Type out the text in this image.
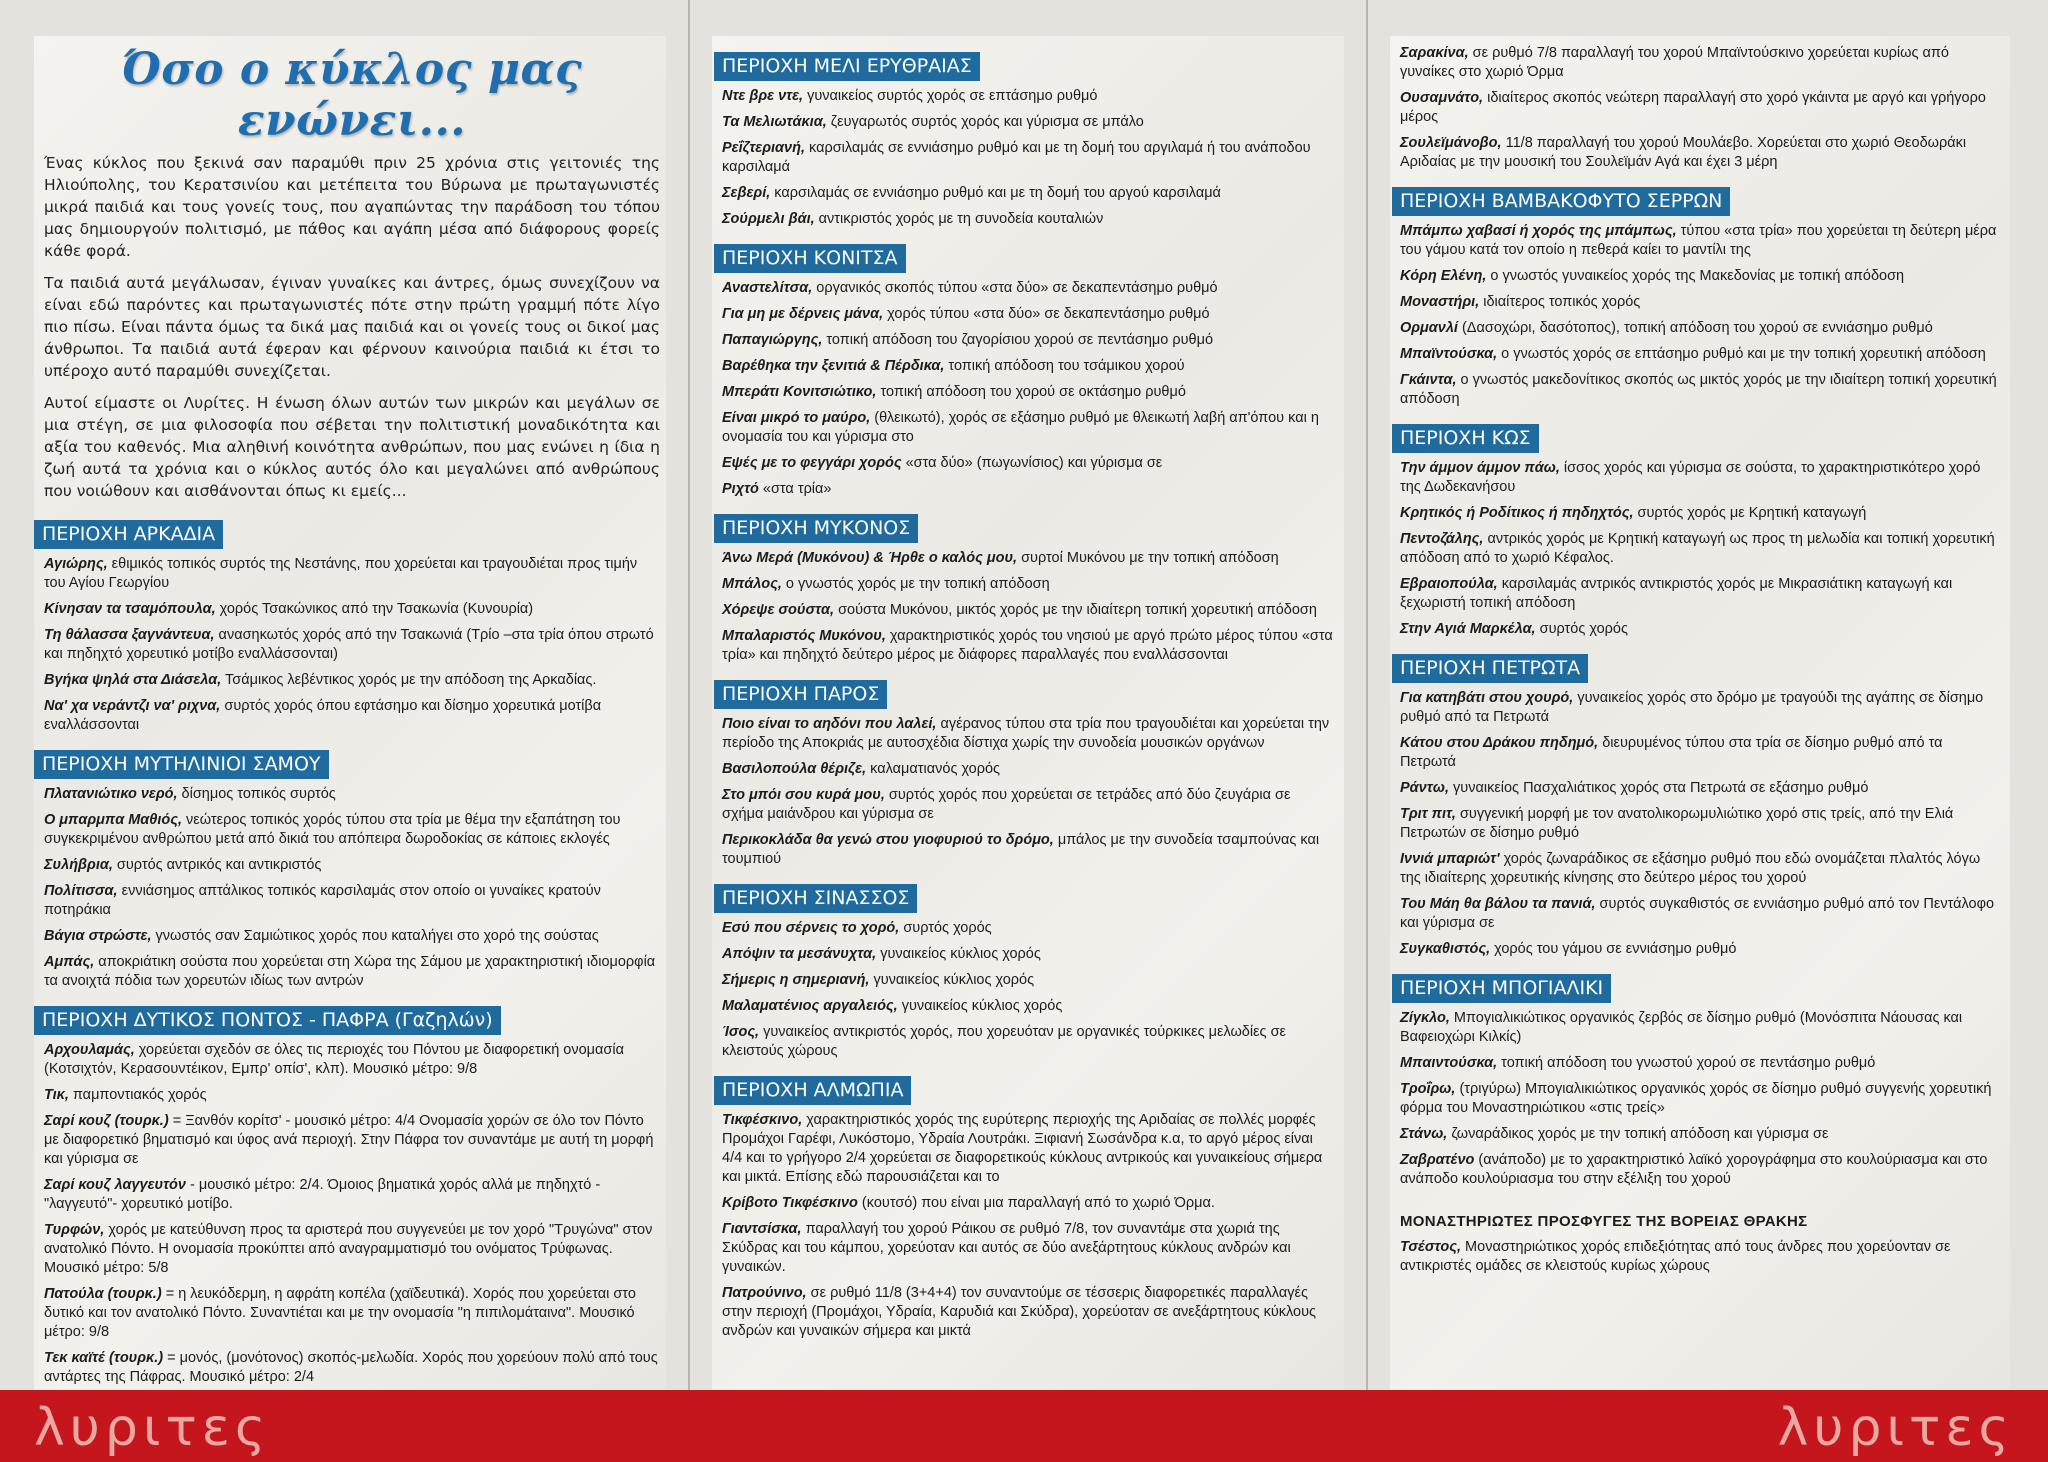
Όσο ο κύκλος μας ενώνει...

Ένας κύκλος που ξεκινά σαν παραμύθι πριν 25 χρόνια στις γειτονιές της Ηλιούπολης, του Κερατσινίου και μετέπειτα του Βύρωνα με πρωταγωνιστές μικρά παιδιά και τους γονείς τους, που αγαπώντας την παράδοση του τόπου μας δημιουργούν πολιτισμό, με πάθος και αγάπη μέσα από διάφορους φορείς κάθε φορά.

Τα παιδιά αυτά μεγάλωσαν, έγιναν γυναίκες και άντρες, όμως συνεχίζουν να είναι εδώ παρόντες και πρωταγωνιστές πότε στην πρώτη γραμμή πότε λίγο πιο πίσω. Είναι πάντα όμως τα δικά μας παιδιά και οι γονείς τους οι δικοί μας άνθρωποι. Τα παιδιά αυτά έφεραν και φέρνουν καινούρια παιδιά κι έτσι το υπέροχο αυτό παραμύθι συνεχίζεται.

Αυτοί είμαστε οι Λυρίτες. Η ένωση όλων αυτών των μικρών και μεγάλων σε μια στέγη, σε μια φιλοσοφία που σέβεται την πολιτιστική μοναδικότητα και αξία του καθενός. Μια αληθινή κοινότητα ανθρώπων, που μας ενώνει η ίδια η ζωή αυτά τα χρόνια και ο κύκλος αυτός όλο και μεγαλώνει από ανθρώπους που νοιώθουν και αισθάνονται όπως κι εμείς...

ΠΕΡΙΟΧΗ ΑΡΚΑΔΙΑ
Αγιώρης, εθιμικός τοπικός συρτός της Νεστάνης, που χορεύεται και τραγουδιέται προς τιμήν του Αγίου Γεωργίου
Κίνησαν τα τσαμόπουλα, χορός Τσακώνικος από την Τσακωνία (Κυνουρία)
Τη θάλασσα ξαγνάντευα, ανασηκωτός χορός από την Τσακωνιά (Τρίο –στα τρία όπου στρωτό και πηδηχτό χορευτικό μοτίβο εναλλάσσονται)
Βγήκα ψηλά στα Διάσελα, Τσάμικος λεβέντικος χορός με την απόδοση της Αρκαδίας.
Να' χα νεράντζι να' ριχνα, συρτός χορός όπου εφτάσημο και δίσημο χορευτικά μοτίβα εναλλάσσονται
ΠΕΡΙΟΧΗ ΜΥΤΗΛΙΝΙΟΙ ΣΑΜΟΥ
Πλατανιώτικο νερό, δίσημος τοπικός συρτός
Ο μπαρμπα Μαθιός, νεώτερος τοπικός χορός τύπου στα τρία με θέμα την εξαπάτηση του συγκεκριμένου ανθρώπου μετά από δικιά του απόπειρα δωροδοκίας σε κάποιες εκλογές
Συλήβρια, συρτός αντρικός και αντικριστός
Πολίτισσα, εννιάσημος απτάλικος τοπικός καρσιλαμάς στον οποίο οι γυναίκες κρατούν ποτηράκια
Βάγια στρώστε, γνωστός σαν Σαμιώτικος χορός που καταλήγει στο χορό της σούστας
Αμπάς, αποκριάτικη σούστα που χορεύεται στη Χώρα της Σάμου με χαρακτηριστική ιδιομορφία τα ανοιχτά πόδια των χορευτών ιδίως των αντρών
ΠΕΡΙΟΧΗ ΔΥΤΙΚΟΣ ΠΟΝΤΟΣ - ΠΑΦΡΑ (Γαζηλών)
Αρχουλαμάς, χορεύεται σχεδόν σε όλες τις περιοχές του Πόντου με διαφορετική ονομασία (Κοτσιχτόν, Κερασουντέικον, Εμπρ' οπίσ', κλπ). Μουσικό μέτρο: 9/8
Τικ, παμποντιακός χορός
Σαρί κουζ (τουρκ.) = Ξανθόν κορίτσ' - μουσικό μέτρο: 4/4 Ονομασία χορών σε όλο τον Πόντο με διαφορετικό βηματισμό και ύφος ανά περιοχή. Στην Πάφρα τον συναντάμε με αυτή τη μορφή και γύρισμα σε
Σαρί κουζ λαγγευτόν - μουσικό μέτρο: 2/4. Όμοιος βηματικά χορός αλλά με πηδηχτό -"λαγγευτό"- χορευτικό μοτίβο.
Τυρφών, χορός με κατεύθυνση προς τα αριστερά που συγγενεύει με τον χορό "Τρυγώνα" στον ανατολικό Πόντο. Η ονομασία προκύπτει από αναγραμματισμό του ονόματος Τρύφωνας. Μουσικό μέτρο: 5/8
Πατούλα (τουρκ.) = η λευκόδερμη, η αφράτη κοπέλα (χαϊδευτικά). Χορός που χορεύεται στο δυτικό και τον ανατολικό Πόντο. Συναντιέται και με την ονομασία "η πιπιλομάταινα". Μουσικό μέτρο: 9/8
Τεκ καϊτέ (τουρκ.) = μονός, (μονότονος) σκοπός-μελωδία. Χορός που χορεύουν πολύ από τους αντάρτες της Πάφρας. Μουσικό μέτρο: 2/4
ΠΕΡΙΟΧΗ ΜΕΛΙ ΕΡΥΘΡΑΙΑΣ
Ντε βρε ντε, γυναικείος συρτός χορός σε επτάσημο ρυθμό
Τα Μελιωτάκια, ζευγαρωτός συρτός χορός και γύρισμα σε μπάλο
Ρεΐζτεριανή, καρσιλαμάς σε εννιάσημο ρυθμό και με τη δομή του αργιλαμά ή του ανάποδου καρσιλαμά
Σεβερί, καρσιλαμάς σε εννιάσημο ρυθμό και με τη δομή του αργού καρσιλαμά
Σούρμελι βάι, αντικριστός χορός με τη συνοδεία κουταλιών
ΠΕΡΙΟΧΗ ΚΟΝΙΤΣΑ
Αναστελίτσα, οργανικός σκοπός τύπου «στα δύο» σε δεκαπεντάσημο ρυθμό
Για μη με δέρνεις μάνα, χορός τύπου «στα δύο» σε δεκαπεντάσημο ρυθμό
Παπαγιώργης, τοπική απόδοση του ζαγορίσιου χορού σε πεντάσημο ρυθμό
Βαρέθηκα την ξενιτιά & Πέρδικα, τοπική απόδοση του τσάμικου χορού
Μπεράτι Κονιτσιώτικο, τοπική απόδοση του χορού σε οκτάσημο ρυθμό
Είναι μικρό το μαύρο, (θλεικωτό), χορός σε εξάσημο ρυθμό με θλεικωτή λαβή απ'όπου και η ονομασία του και γύρισμα στο
Εψές με το φεγγάρι χορός «στα δύο» (πωγωνίσιος) και γύρισμα σε
Ριχτό «στα τρία»
ΠΕΡΙΟΧΗ ΜΥΚΟΝΟΣ
Άνω Μερά (Μυκόνου) & Ήρθε ο καλός μου, συρτοί Μυκόνου με την τοπική απόδοση
Μπάλος, ο γνωστός χορός με την τοπική απόδοση
Χόρεψε σούστα, σούστα Μυκόνου, μικτός χορός με την ιδιαίτερη τοπική χορευτική απόδοση
Μπαλαριστός Μυκόνου, χαρακτηριστικός χορός του νησιού με αργό πρώτο μέρος τύπου «στα τρία» και πηδηχτό δεύτερο μέρος με διάφορες παραλλαγές που εναλλάσσονται
ΠΕΡΙΟΧΗ ΠΑΡΟΣ
Ποιο είναι το αηδόνι που λαλεί, αγέρανος τύπου στα τρία που τραγουδιέται και χορεύεται την περίοδο της Αποκριάς με αυτοσχέδια δίστιχα χωρίς την συνοδεία μουσικών οργάνων
Βασιλοπούλα θέριζε, καλαματιανός χορός
Στο μπόι σου κυρά μου, συρτός χορός που χορεύεται σε τετράδες από δύο ζευγάρια σε σχήμα μαιάνδρου και γύρισμα σε
Περικοκλάδα θα γενώ στου γιοφυριού το δρόμο, μπάλος με την συνοδεία τσαμπούνας και τουμπιού
ΠΕΡΙΟΧΗ ΣΙΝΑΣΣΟΣ
Εσύ που σέρνεις το χορό, συρτός χορός
Απόψιν τα μεσάνυχτα, γυναικείος κύκλιος χορός
Σήμερις η σημεριανή, γυναικείος κύκλιος χορός
Μαλαματένιος αργαλειός, γυναικείος κύκλιος χορός
Ίσος, γυναικείος αντικριστός χορός, που χορευόταν με οργανικές τούρκικες μελωδίες σε κλειστούς χώρους
ΠΕΡΙΟΧΗ ΑΛΜΩΠΙΑ
Τικφέσκινο, χαρακτηριστικός χορός της ευρύτερης περιοχής της Αριδαίας σε πολλές μορφές Προμάχοι Γαρέφι, Λυκόστομο, Υδραία Λουτράκι. Ξιφιανή Σωσάνδρα κ.α, το αργό μέρος είναι 4/4 και το γρήγορο 2/4 χορεύεται σε διαφορετικούς κύκλους αντρικούς και γυναικείους σήμερα και μικτά. Επίσης εδώ παρουσιάζεται και το
Κρίβοτο Τικφέσκινο (κουτσό) που είναι μια παραλλαγή από το χωριό Όρμα.
Γιαντσίσκα, παραλλαγή του χορού Ράικου σε ρυθμό 7/8, τον συναντάμε στα χωριά της Σκύδρας και του κάμπου, χορεύοταν και αυτός σε δύο ανεξάρτητους κύκλους ανδρών και γυναικών.
Πατρούνινο, σε ρυθμό 11/8 (3+4+4) τον συναντούμε σε τέσσερις διαφορετικές παραλλαγές στην περιοχή (Προμάχοι, Υδραία, Καρυδιά και Σκύδρα), χορεύοταν σε ανεξάρτητους κύκλους ανδρών και γυναικών σήμερα και μικτά
Σαρακίνα, σε ρυθμό 7/8 παραλλαγή του χορού Μπαϊντούσκινο χορεύεται κυρίως από γυναίκες στο χωριό Όρμα
Ουσαμνάτο, ιδιαίτερος σκοπός νεώτερη παραλλαγή στο χορό γκάιντα με αργό και γρήγορο μέρος
Σουλεϊμάνοβο, 11/8 παραλλαγή του χορού Μουλάεβο. Χορεύεται στο χωριό Θεοδωράκι Αριδαίας με την μουσική του Σουλεϊμάν Αγά και έχει 3 μέρη
ΠΕΡΙΟΧΗ ΒΑΜΒΑΚΟΦΥΤΟ ΣΕΡΡΩΝ
Μπάμπω χαβασί ή χορός της μπάμπως, τύπου «στα τρία» που χορεύεται τη δεύτερη μέρα του γάμου κατά τον οποίο η πεθερά καίει το μαντίλι της
Κόρη Ελένη, ο γνωστός γυναικείος χορός της Μακεδονίας με τοπική απόδοση
Μοναστήρι, ιδιαίτερος τοπικός χορός
Ορμανλί (Δασοχώρι, δασότοπος), τοπική απόδοση του χορού σε εννιάσημο ρυθμό
Μπαϊντούσκα, ο γνωστός χορός σε επτάσημο ρυθμό και με την τοπική χορευτική απόδοση
Γκάιντα, ο γνωστός μακεδονίτικος σκοπός ως μικτός χορός με την ιδιαίτερη τοπική χορευτική απόδοση
ΠΕΡΙΟΧΗ ΚΩΣ
Την άμμον άμμον πάω, ίσσος χορός και γύρισμα σε σούστα, το χαρακτηριστικότερο χορό της Δωδεκανήσου
Κρητικός ή Ροδίτικος ή πηδηχτός, συρτός χορός με Κρητική καταγωγή
Πεντοζάλης, αντρικός χορός με Κρητική καταγωγή ως προς τη μελωδία και τοπική χορευτική απόδοση από το χωριό Κέφαλος.
Εβραιοπούλα, καρσιλαμάς αντρικός αντικριστός χορός με Μικρασιάτικη καταγωγή και ξεχωριστή τοπική απόδοση
Στην Αγιά Μαρκέλα, συρτός χορός
ΠΕΡΙΟΧΗ ΠΕΤΡΩΤΑ
Για κατηβάτι στου χουρό, γυναικείος χορός στο δρόμο με τραγούδι της αγάπης σε δίσημο ρυθμό από τα Πετρωτά
Κάτου στου Δράκου πηδημό, διευρυμένος τύπου στα τρία σε δίσημο ρυθμό από τα Πετρωτά
Ράντω, γυναικείος Πασχαλιάτικος χορός στα Πετρωτά σε εξάσημο ρυθμό
Τριτ πιτ, συγγενική μορφή με τον ανατολικορωμυλιώτικο χορό στις τρείς, από την Ελιά Πετρωτών σε δίσημο ρυθμό
Ιννιά μπαριώτ' χορός ζωναράδικος σε εξάσημο ρυθμό που εδώ ονομάζεται πλαλτός λόγω της ιδιαίτερης χορευτικής κίνησης στο δεύτερο μέρος του χορού
Του Μάη θα βάλου τα πανιά, συρτός συγκαθιστός σε εννιάσημο ρυθμό από τον Πεντάλοφο και γύρισμα σε
Συγκαθιστός, χορός του γάμου σε εννιάσημο ρυθμό
ΠΕΡΙΟΧΗ ΜΠΟΓΙΑΛΙΚΙ
Ζίγκλο, Μπογιαλικιώτικος οργανικός ζερβός σε δίσημο ρυθμό (Μονόσπιτα Νάουσας και Βαφειοχώρι Κιλκίς)
Μπαιντούσκα, τοπική απόδοση του γνωστού χορού σε πεντάσημο ρυθμό
Τροΐρω, (τριγύρω) Μπογιαλικιώτικος οργανικός χορός σε δίσημο ρυθμό συγγενής χορευτική φόρμα του Μοναστηριώτικου «στις τρείς»
Στάνω, ζωναράδικος χορός με την τοπική απόδοση και γύρισμα σε
Ζαβρατένο (ανάποδο) με το χαρακτηριστικό λαϊκό χορογράφημα στο κουλούριασμα και στο ανάποδο κουλούριασμα του στην εξέλιξη του χορού
ΜΟΝΑΣΤΗΡΙΩΤΕΣ ΠΡΟΣΦΥΓΕΣ ΤΗΣ ΒΟΡΕΙΑΣ ΘΡΑΚΗΣ
Τσέστος, Μοναστηριώτικος χορός επιδεξιότητας από τους άνδρες που χορεύονταν σε αντικριστές ομάδες σε κλειστούς κυρίως χώρους
λυριτες	λυριτες
